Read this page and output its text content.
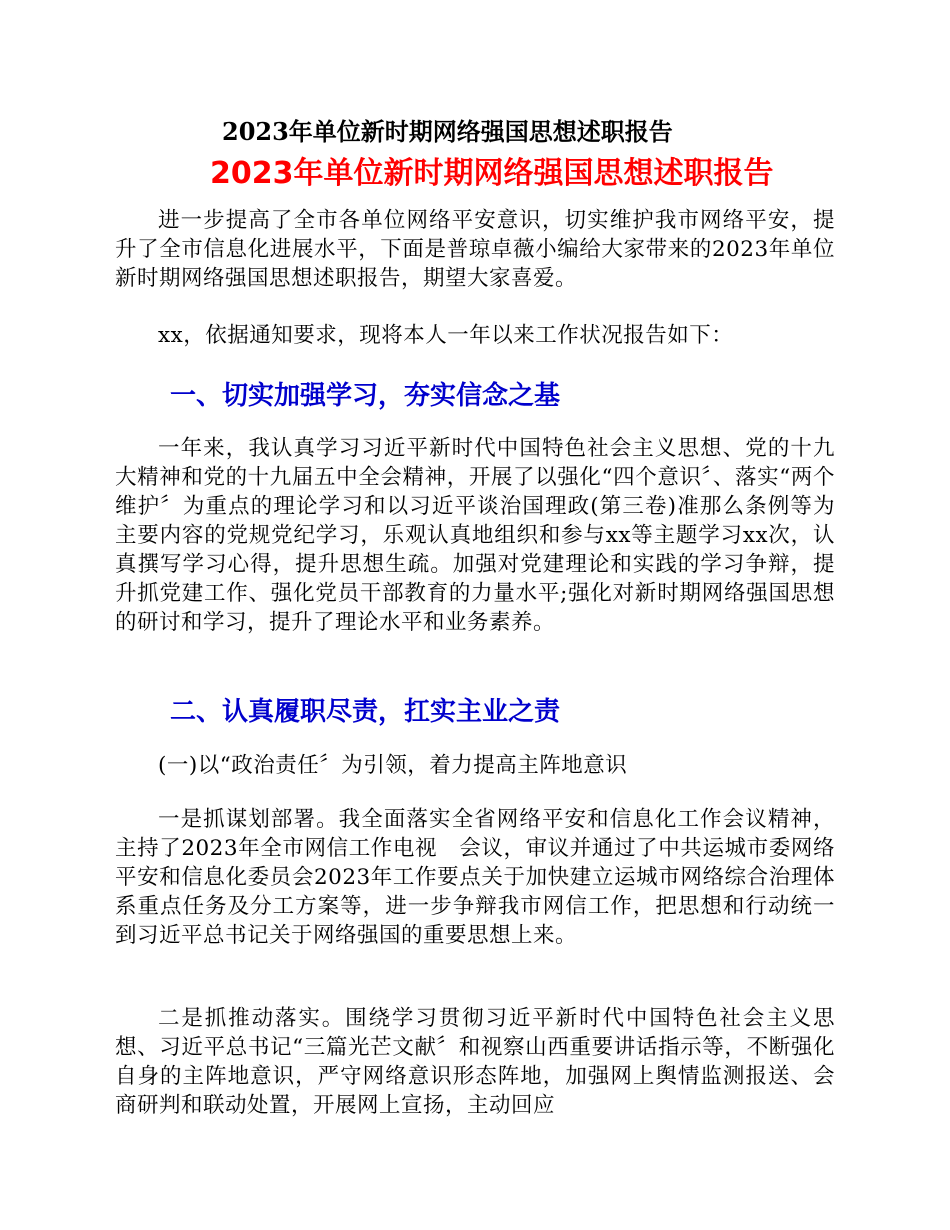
2023年单位新时期网络强国思想述职报告
2023年单位新时期网络强国思想述职报告
进一步提高了全市各单位网络平安意识，切实维护我市网络平安，提升了全市信息化进展水平，下面是普琼卓薇小编给大家带来的2023年单位新时期网络强国思想述职报告，期望大家喜爱。
xx，依据通知要求，现将本人一年以来工作状况报告如下：
一、切实加强学习，夯实信念之基
一年来，我认真学习习近平新时代中国特色社会主义思想、党的十九大精神和党的十九届五中全会精神，开展了以强化“四个意识〞、落实“两个维护〞为重点的理论学习和以习近平谈治国理政(第三卷)准那么条例等为主要内容的党规党纪学习，乐观认真地组织和参与xx等主题学习xx次，认真撰写学习心得，提升思想生疏。加强对党建理论和实践的学习争辩，提升抓党建工作、强化党员干部教育的力量水平;强化对新时期网络强国思想的研讨和学习，提升了理论水平和业务素养。
二、认真履职尽责，扛实主业之责
(一)以“政治责任〞为引领，着力提高主阵地意识
一是抓谋划部署。我全面落实全省网络平安和信息化工作会议精神，主持了2023年全市网信工作电视　会议，审议并通过了中共运城市委网络平安和信息化委员会2023年工作要点关于加快建立运城市网络综合治理体系重点任务及分工方案等，进一步争辩我市网信工作，把思想和行动统一到习近平总书记关于网络强国的重要思想上来。
二是抓推动落实。围绕学习贯彻习近平新时代中国特色社会主义思想、习近平总书记“三篇光芒文献〞和视察山西重要讲话指示等，不断强化自身的主阵地意识，严守网络意识形态阵地，加强网上舆情监测报送、会商研判和联动处置，开展网上宣扬，主动回应
